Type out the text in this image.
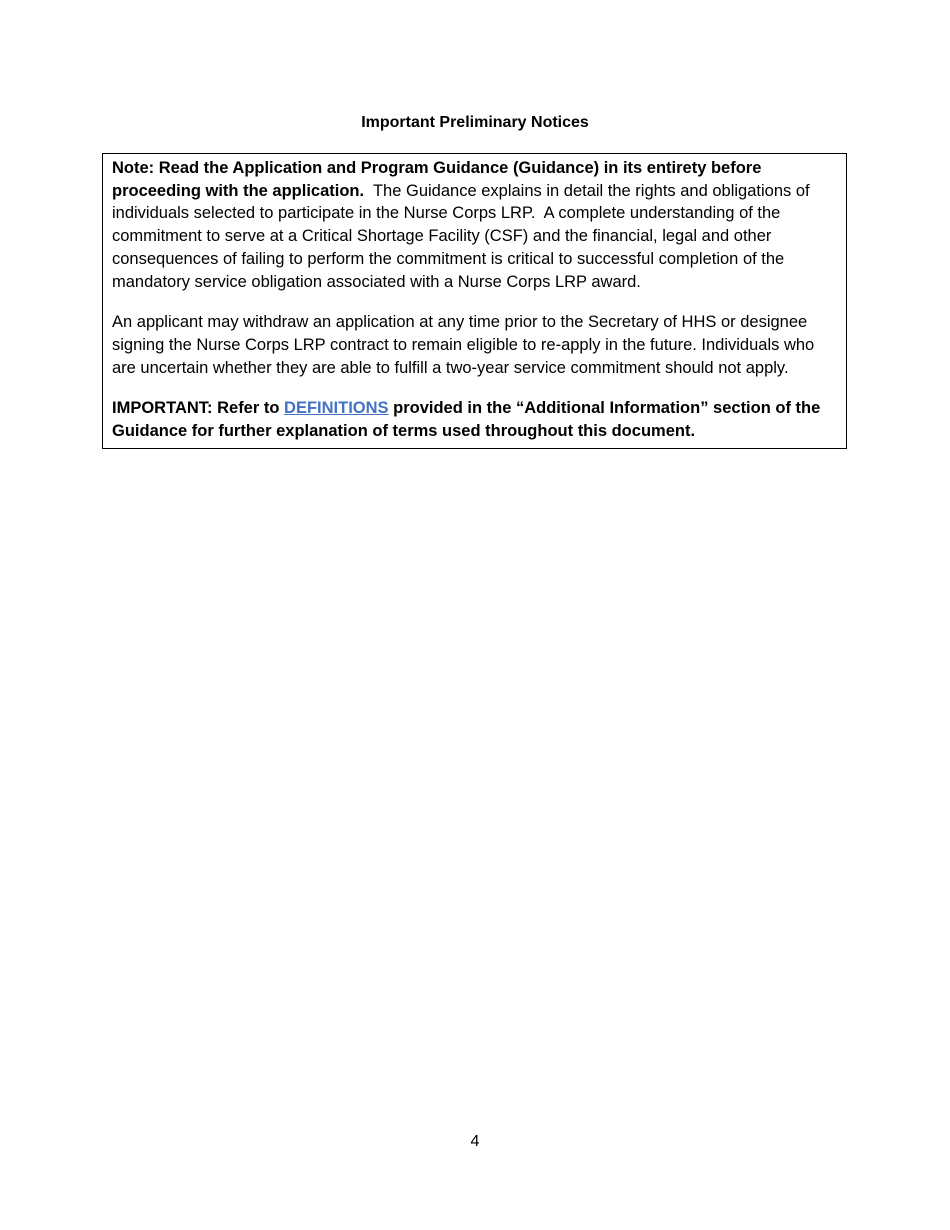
Important Preliminary Notices

Note: Read the Application and Program Guidance (Guidance) in its entirety before proceeding with the application.  The Guidance explains in detail the rights and obligations of individuals selected to participate in the Nurse Corps LRP.  A complete understanding of the commitment to serve at a Critical Shortage Facility (CSF) and the financial, legal and other consequences of failing to perform the commitment is critical to successful completion of the mandatory service obligation associated with a Nurse Corps LRP award.

An applicant may withdraw an application at any time prior to the Secretary of HHS or designee signing the Nurse Corps LRP contract to remain eligible to re-apply in the future. Individuals who are uncertain whether they are able to fulfill a two-year service commitment should not apply.

IMPORTANT: Refer to DEFINITIONS provided in the “Additional Information” section of the Guidance for further explanation of terms used throughout this document.

4
